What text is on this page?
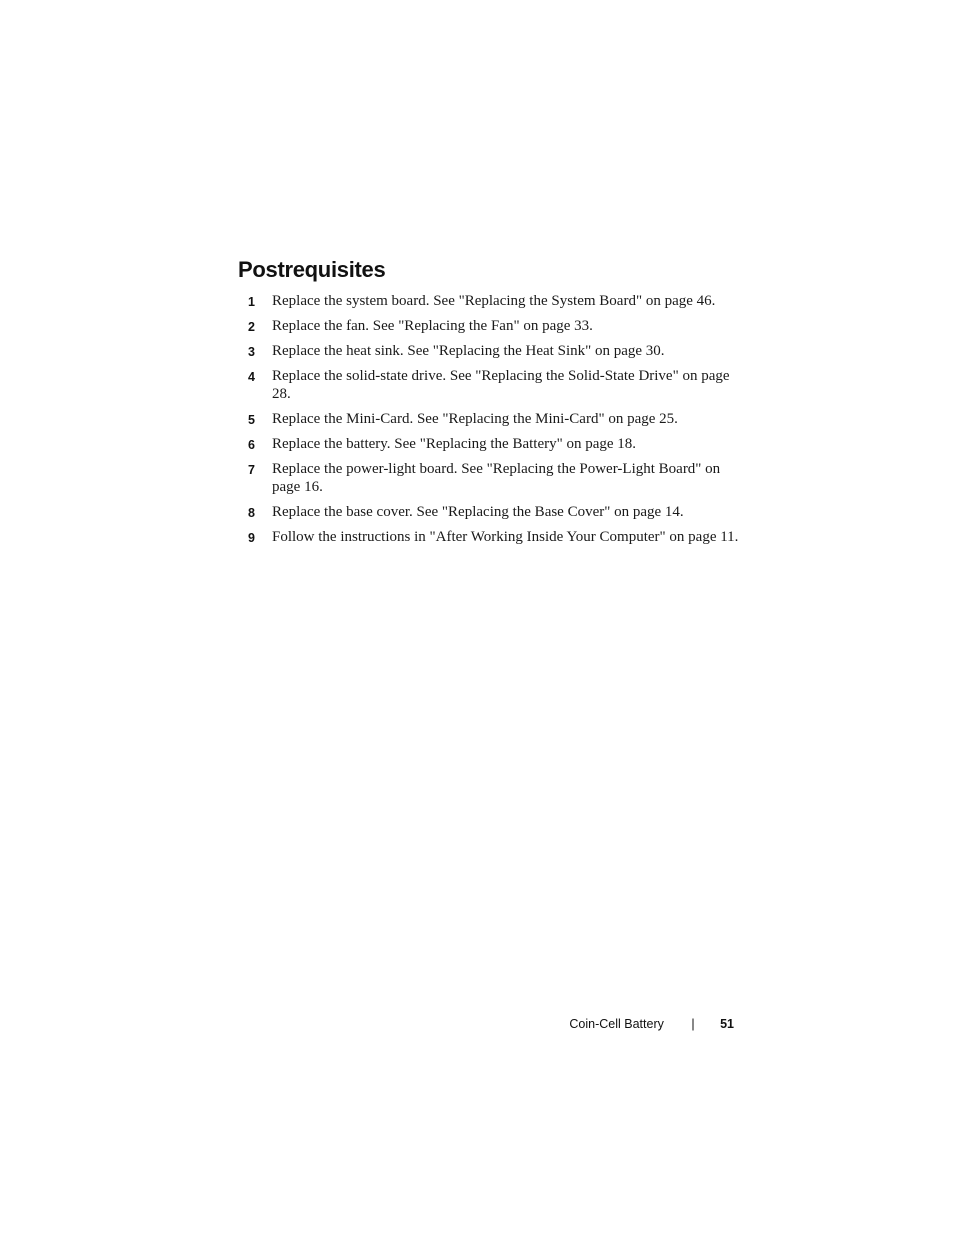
Postrequisites
1 Replace the system board. See "Replacing the System Board" on page 46.
2 Replace the fan. See "Replacing the Fan" on page 33.
3 Replace the heat sink. See "Replacing the Heat Sink" on page 30.
4 Replace the solid-state drive. See "Replacing the Solid-State Drive" on page 28.
5 Replace the Mini-Card. See "Replacing the Mini-Card" on page 25.
6 Replace the battery. See "Replacing the Battery" on page 18.
7 Replace the power-light board. See "Replacing the Power-Light Board" on page 16.
8 Replace the base cover. See "Replacing the Base Cover" on page 14.
9 Follow the instructions in "After Working Inside Your Computer" on page 11.
Coin-Cell Battery | 51
